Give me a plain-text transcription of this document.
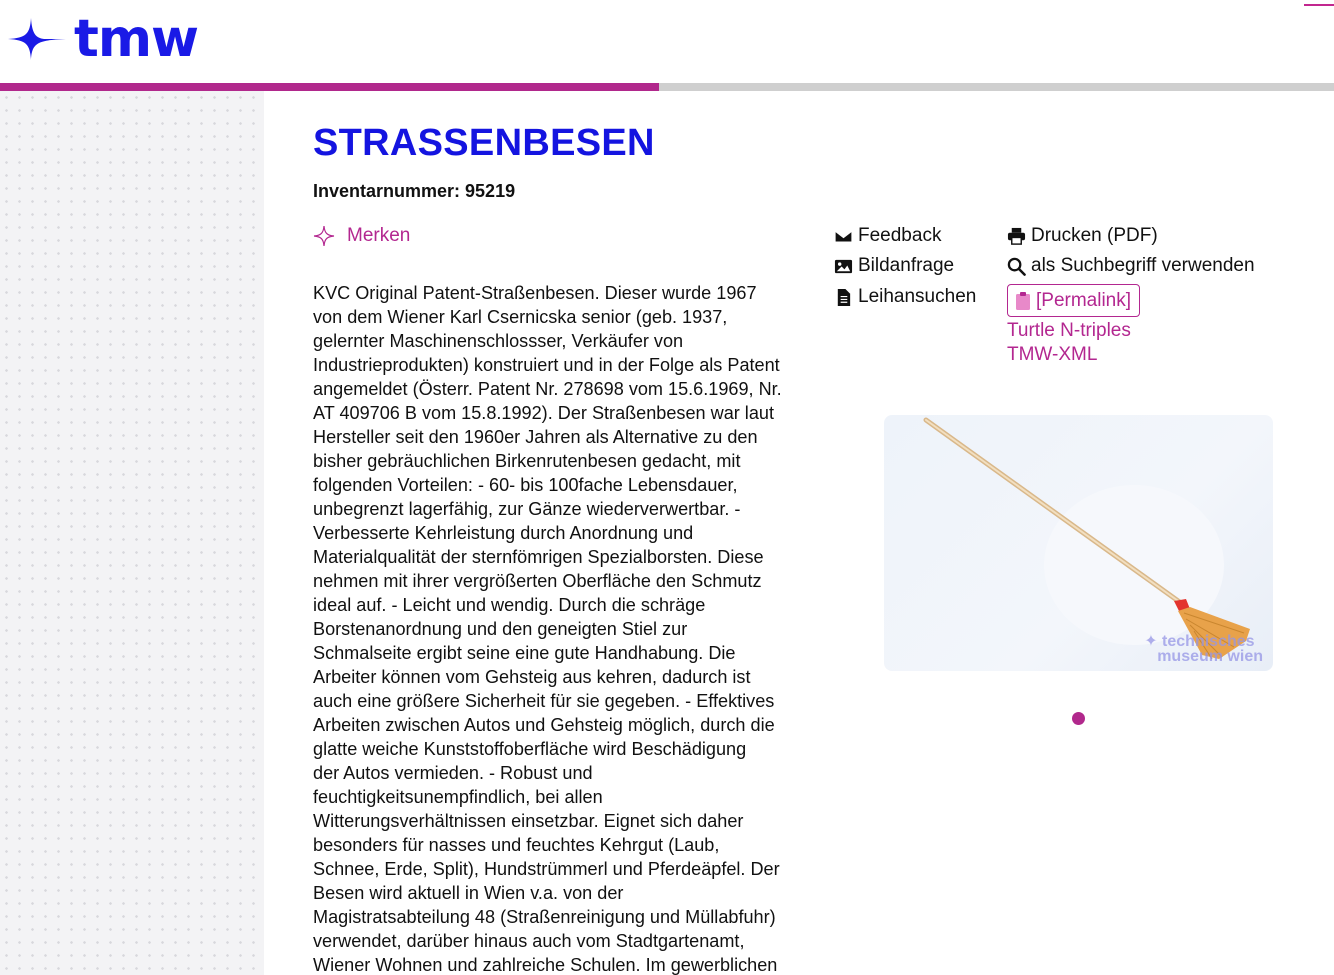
tmw
STRASSENBESEN
Inventarnummer: 95219
Merken

KVC Original Patent-Straßenbesen. Dieser wurde 1967
von dem Wiener Karl Csernicska senior (geb. 1937,
gelernter Maschinenschlossser, Verkäufer von
Industrieprodukten) konstruiert und in der Folge als Patent
angemeldet (Österr. Patent Nr. 278698 vom 15.6.1969, Nr.
AT 409706 B vom 15.8.1992). Der Straßenbesen war laut
Hersteller seit den 1960er Jahren als Alternative zu den
bisher gebräuchlichen Birkenrutenbesen gedacht, mit
folgenden Vorteilen: - 60- bis 100fache Lebensdauer,
unbegrenzt lagerfähig, zur Gänze wiederverwertbar. -
Verbesserte Kehrleistung durch Anordnung und
Materialqualität der sternfömrigen Spezialborsten. Diese
nehmen mit ihrer vergrößerten Oberfläche den Schmutz
ideal auf. - Leicht und wendig. Durch die schräge
Borstenanordnung und den geneigten Stiel zur
Schmalseite ergibt seine eine gute Handhabung. Die
Arbeiter können vom Gehsteig aus kehren, dadurch ist
auch eine größere Sicherheit für sie gegeben. - Effektives
Arbeiten zwischen Autos und Gehsteig möglich, durch die
glatte weiche Kunststoffoberfläche wird Beschädigung
der Autos vermieden. - Robust und
feuchtigkeitsunempfindlich, bei allen
Witterungsverhältnissen einsetzbar. Eignet sich daher
besonders für nasses und feuchtes Kehrgut (Laub,
Schnee, Erde, Split), Hundstrümmerl und Pferdeäpfel. Der
Besen wird aktuell in Wien v.a. von der
Magistratsabteilung 48 (Straßenreinigung und Müllabfuhr)
verwendet, darüber hinaus auch vom Stadtgartenamt,
Wiener Wohnen und zahlreiche Schulen. Im gewerblichen

Feedback
Bildanfrage
Leihansuchen
Drucken (PDF)
als Suchbegriff verwenden
[Permalink]
Turtle N-triples
TMW-XML
✦ technisches
museum wien
